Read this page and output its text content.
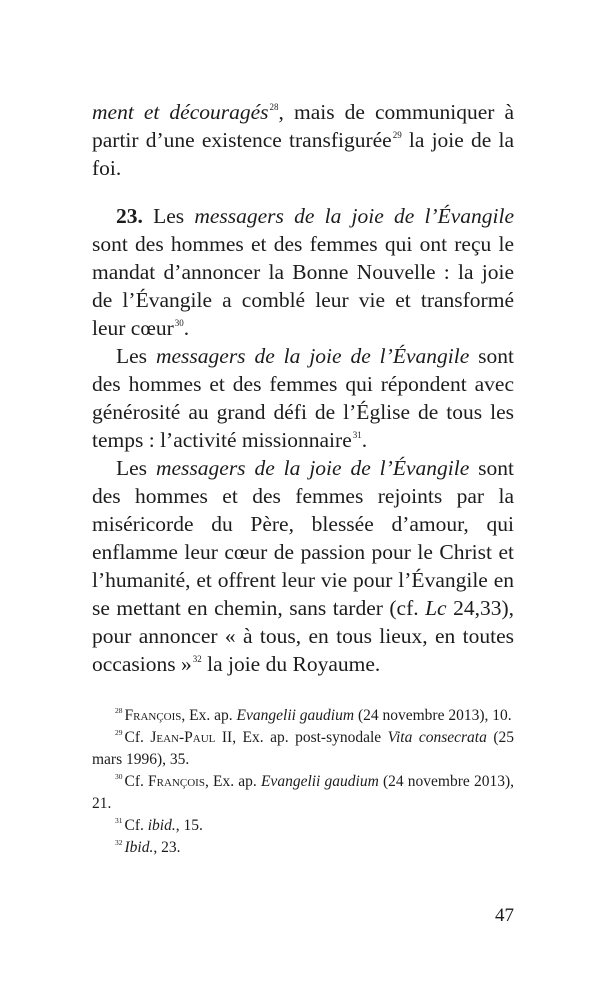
ment et découragés$^{28}$, mais de communiquer à partir d’une existence transfigurée$^{29}$ la joie de la foi.

23. Les messagers de la joie de l’Évangile sont des hommes et des femmes qui ont reçu le mandat d’annoncer la Bonne Nouvelle : la joie de l’Évangile a comblé leur vie et transformé leur cœur$^{30}$.

Les messagers de la joie de l’Évangile sont des hommes et des femmes qui répondent avec générosité au grand défi de l’Église de tous les temps : l’activité missionnaire$^{31}$.

Les messagers de la joie de l’Évangile sont des hommes et des femmes rejoints par la miséricorde du Père, blessée d’amour, qui enflamme leur cœur de passion pour le Christ et l’humanité, et offrent leur vie pour l’Évangile en se mettant en chemin, sans tarder (cf. Lc 24,33), pour annoncer « à tous, en tous lieux, en toutes occasions »$^{32}$ la joie du Royaume.

$^{28}$ François, Ex. ap. Evangelii gaudium (24 novembre 2013), 10.

$^{29}$ Cf. Jean-Paul II, Ex. ap. post-synodale Vita consecrata (25 mars 1996), 35.

$^{30}$ Cf. François, Ex. ap. Evangelii gaudium (24 novembre 2013), 21.

$^{31}$ Cf. ibid., 15.

$^{32}$ Ibid., 23.

47
